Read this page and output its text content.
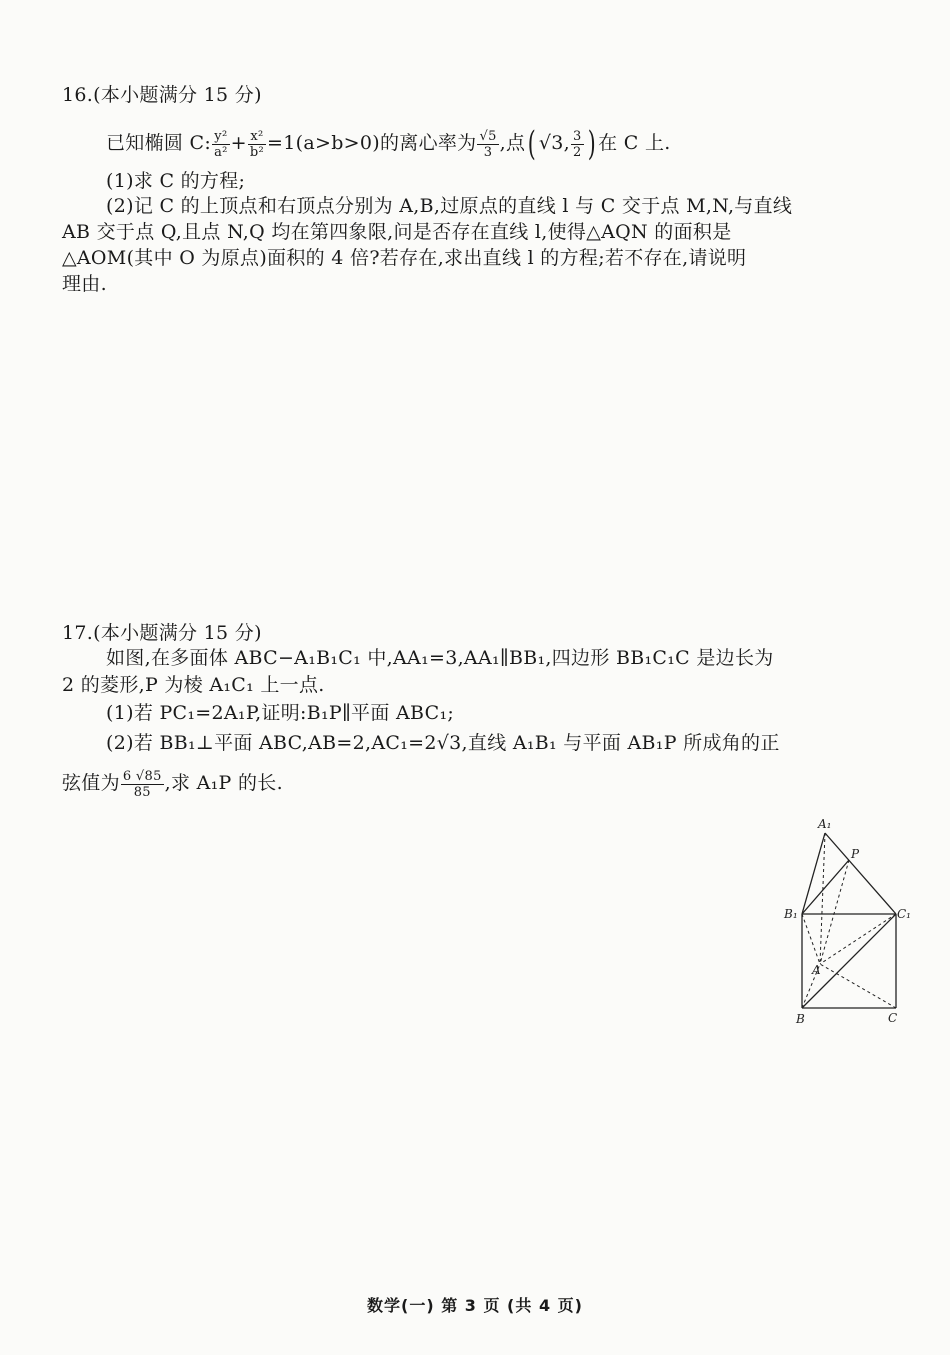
16.(本小题满分 15 分)
已知椭圆 C: $\frac{\text{y²}}{\text{a²}} + \frac{\text{x²}}{\text{b²}} =1(a>b>0)$的离心率为 $\frac{√5}{3}$ ,点( √3, $\frac{3}{2}$ ) 在 C 上.
(1)求 C 的方程;
(2)记 C 的上顶点和右顶点分别为 A,B,过原点的直线 l 与 C 交于点 M,N,与直线
AB 交于点 Q,且点 N,Q 均在第四象限,问是否存在直线 l,使得△AQN 的面积是
△AOM(其中 O 为原点)面积的 4 倍?若存在,求出直线 l 的方程;若不存在,请说明
理由.
17.(本小题满分 15 分)
如图,在多面体 ABC−A₁B₁C₁ 中,AA₁=3,AA₁∥BB₁,四边形 BB₁C₁C 是边长为
2 的菱形,P 为棱 A₁C₁ 上一点.
(1)若 PC₁=2A₁P,证明:B₁P∥平面 ABC₁;
(2)若 BB₁⊥平面 ABC,AB=2,AC₁=2√3,直线 A₁B₁ 与平面 AB₁P 所成角的正
弦值为 $\frac{6 √85}{85}$ ,求 A₁P 的长.
A₁
P
B₁	C₁
A
B	C
数学(一) 第 3 页 (共 4 页)
